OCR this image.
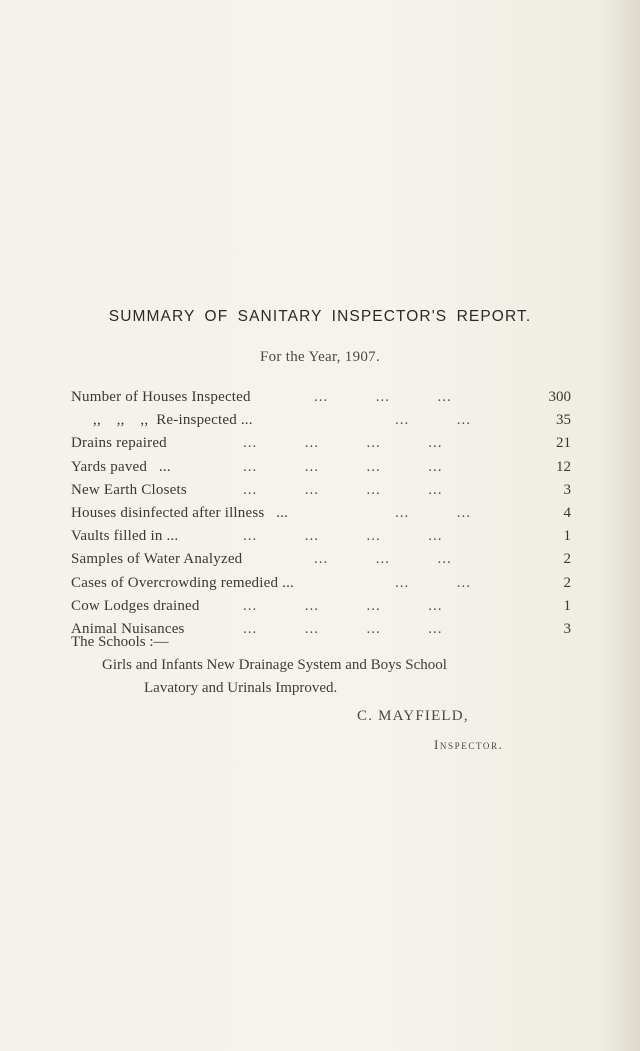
SUMMARY OF SANITARY INSPECTOR'S REPORT.
For the Year, 1907.
Number of Houses Inspected	...          ...          ...	300
,,    ,,    ,,  Re-inspected ...	...          ...	35
Drains repaired	...          ...          ...          ...	21
Yards paved   ...	...          ...          ...          ...	12
New Earth Closets	...          ...          ...          ...	3
Houses disinfected after illness   ...	...          ...	4
Vaults filled in ...	...          ...          ...          ...	1
Samples of Water Analyzed	...          ...          ...	2
Cases of Overcrowding remedied ...	...          ...	2
Cow Lodges drained	...          ...          ...          ...	1
Animal Nuisances	...          ...          ...          ...	3
The Schools :—
Girls and Infants New Drainage System and Boys School
Lavatory and Urinals Improved.
C. MAYFIELD,
Inspector.
